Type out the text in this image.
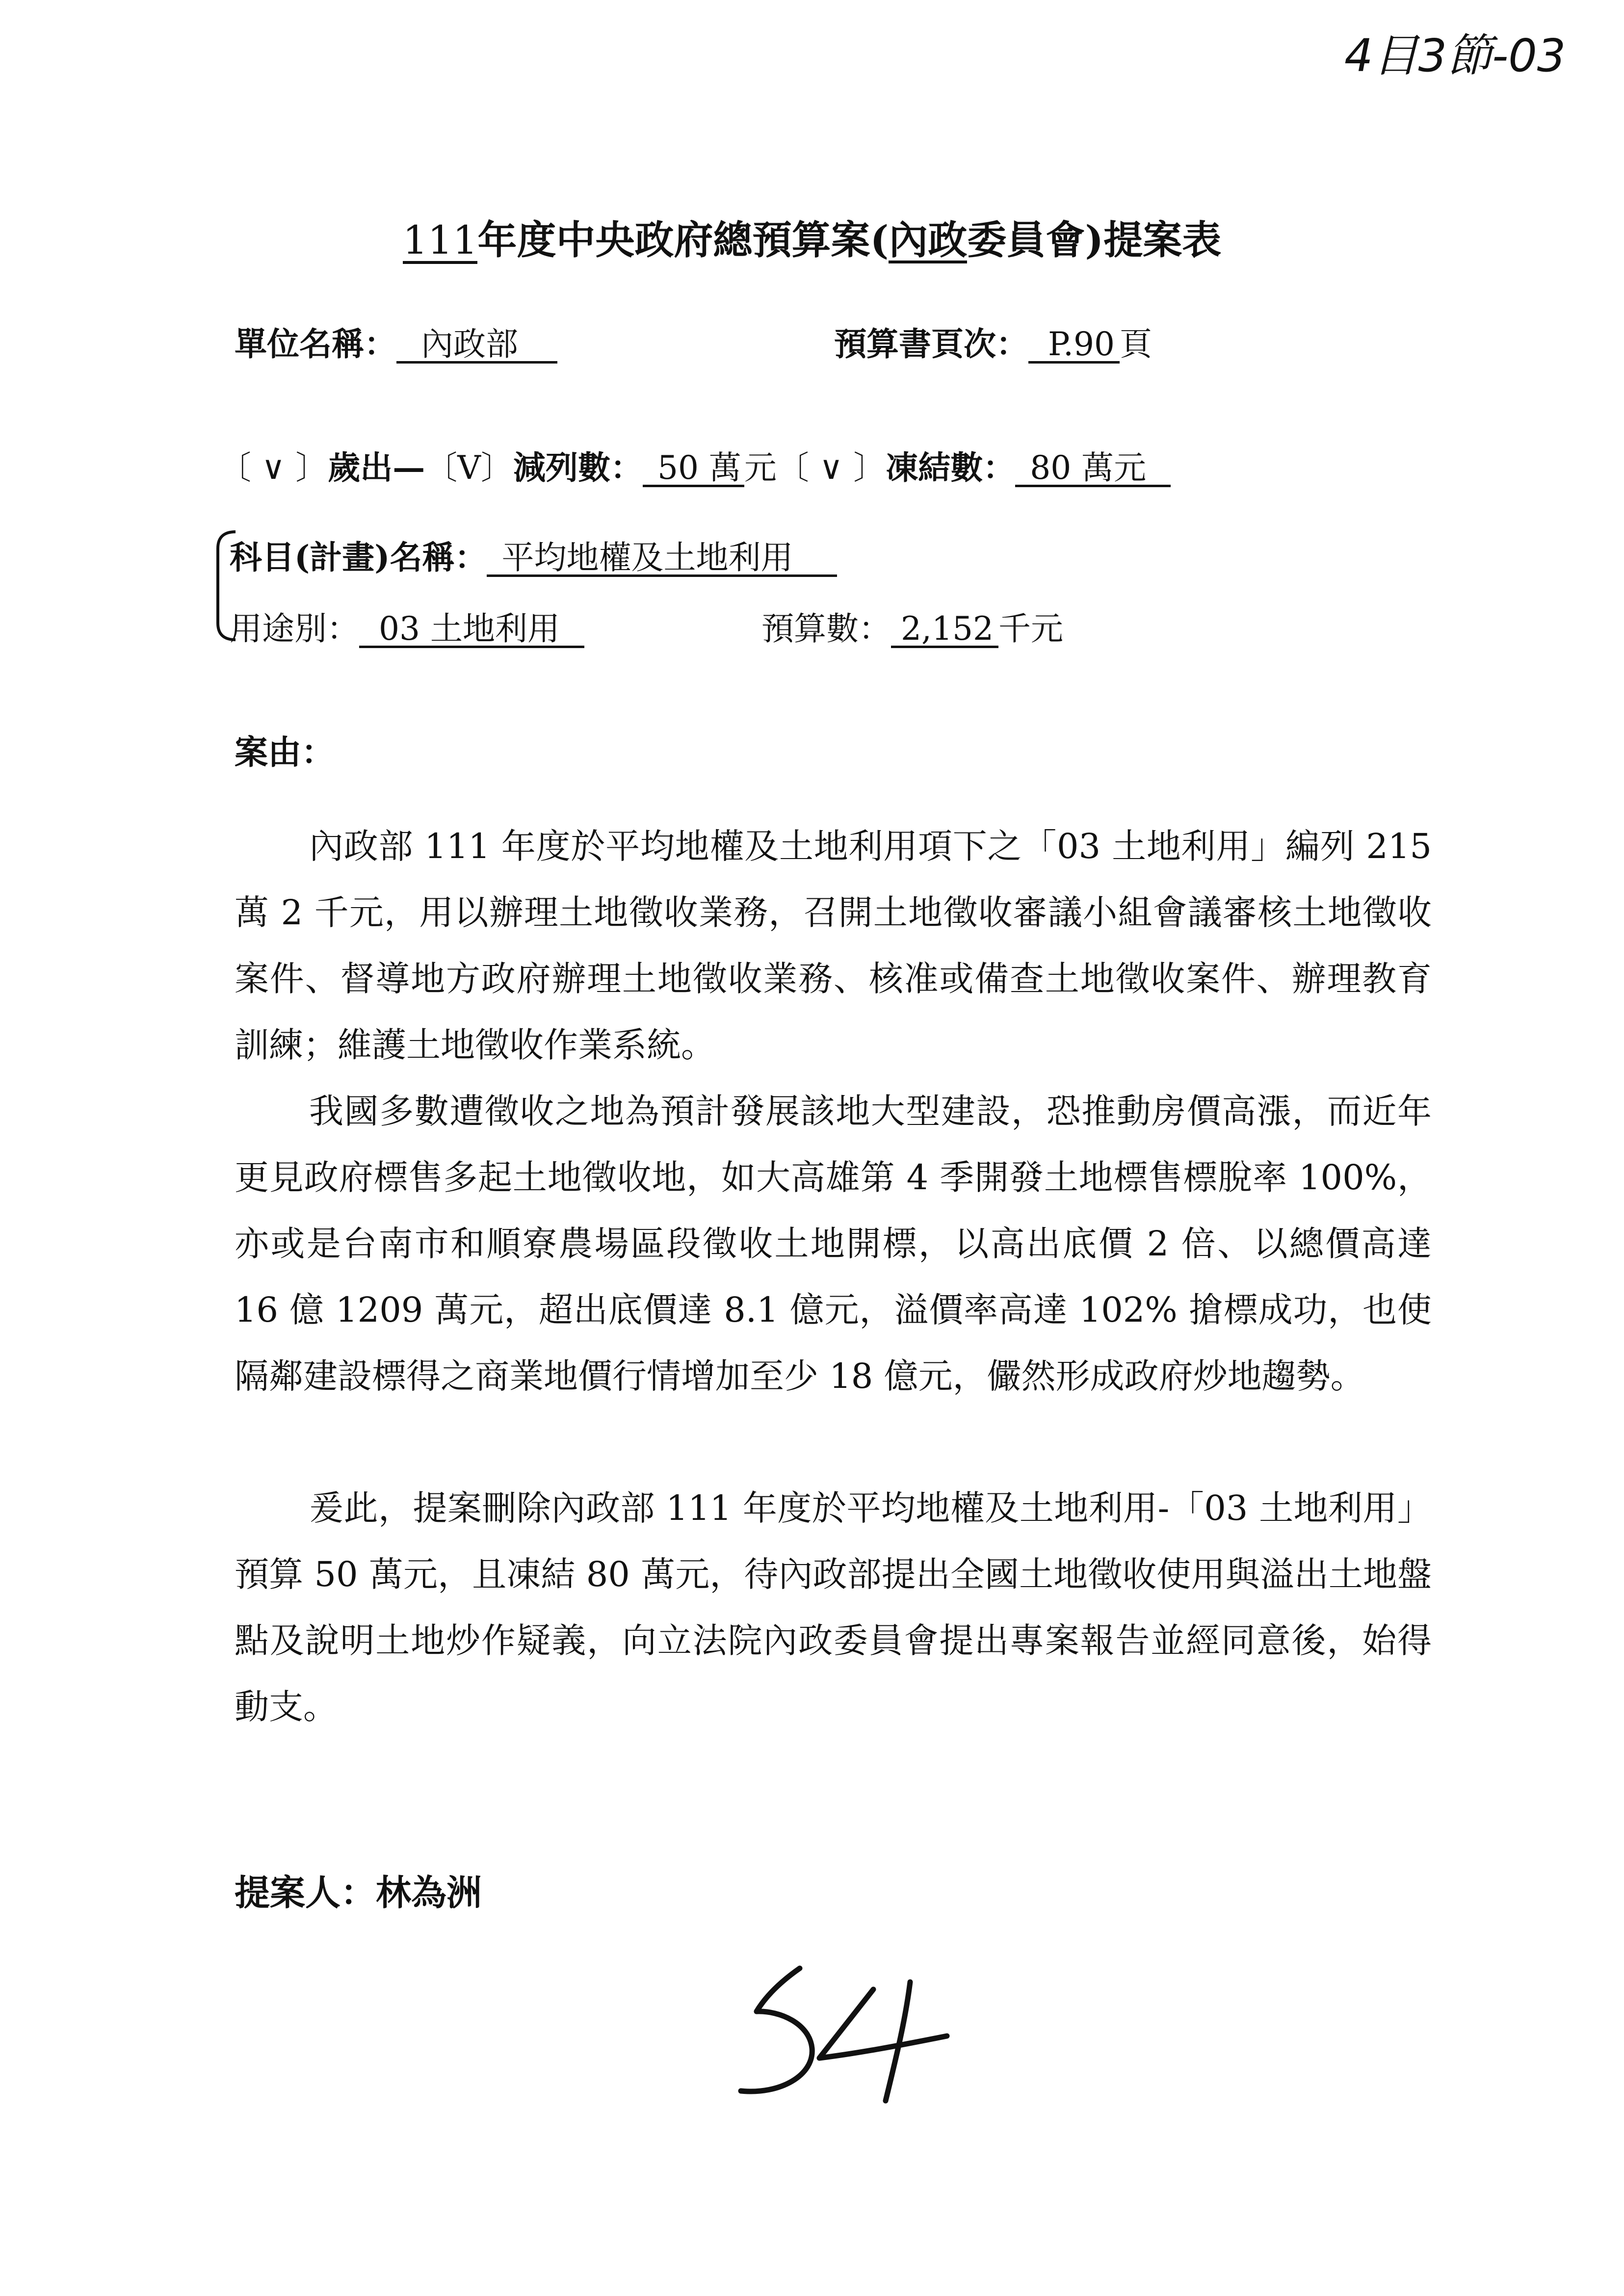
4目3節-03
111年度中央政府總預算案(內政委員會)提案表
單位名稱： 內政部	預算書頁次： P.90 頁
〔 ∨ 〕歲出—〔V〕減列數： 50 萬元〔 ∨ 〕凍結數： 80 萬元
科目(計畫)名稱： 平均地權及土地利用
用途別： 03 土地利用	預算數： 2,152 千元
案由：

內政部 111 年度於平均地權及土地利用項下之「03 土地利用」編列 215 萬 2 千元，用以辦理土地徵收業務，召開土地徵收審議小組會議審核土地徵收案件、督導地方政府辦理土地徵收業務、核准或備查土地徵收案件、辦理教育訓練；維護土地徵收作業系統。

我國多數遭徵收之地為預計發展該地大型建設，恐推動房價高漲，而近年更見政府標售多起土地徵收地，如大高雄第 4 季開發土地標售標脫率 100%，亦或是台南市和順寮農場區段徵收土地開標，以高出底價 2 倍、以總價高達 16 億 1209 萬元，超出底價達 8.1 億元，溢價率高達 102% 搶標成功，也使隔鄰建設標得之商業地價行情增加至少 18 億元，儼然形成政府炒地趨勢。

爰此，提案刪除內政部 111 年度於平均地權及土地利用-「03 土地利用」預算 50 萬元，且凍結 80 萬元，待內政部提出全國土地徵收使用與溢出土地盤點及說明土地炒作疑義，向立法院內政委員會提出專案報告並經同意後，始得動支。

提案人：林為洲
